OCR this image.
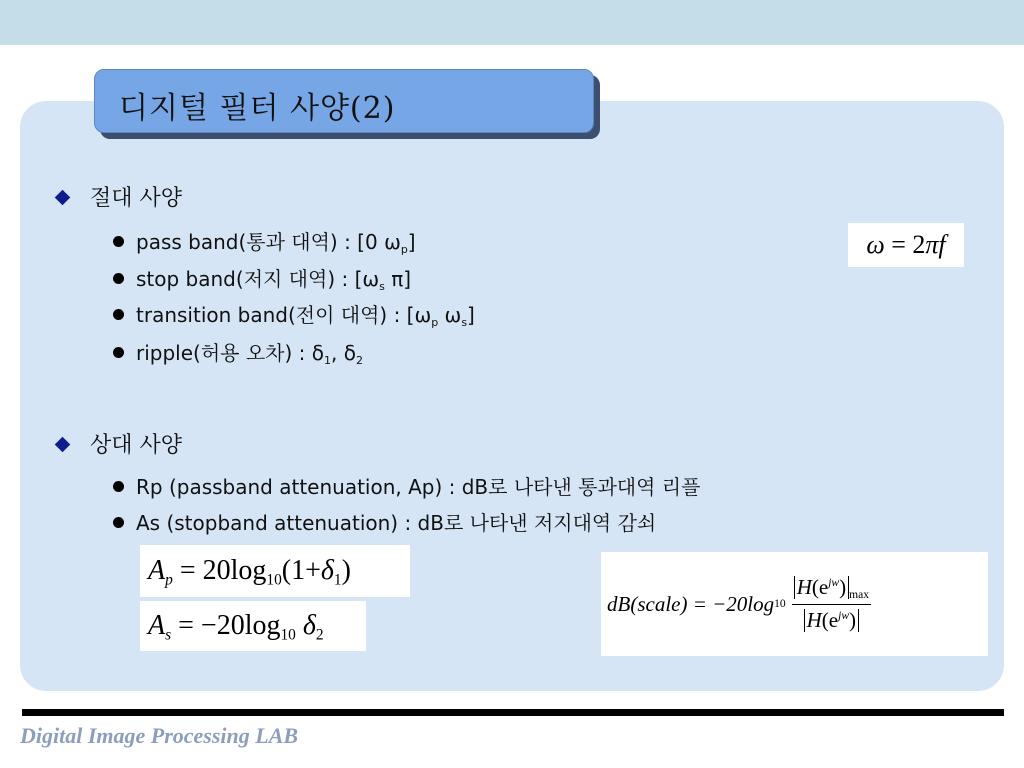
디지털 필터 사양(2)
절대 사양
pass band(통과 대역) : [0 $\omega_p$]
stop band(저지 대역) : [$\omega_s$ π]
transition band(전이 대역) : [$\omega_p$ $\omega_s$]
ripple(허용 오차) : $\delta_1$, $\delta_2$
상대 사양
Rp (passband attenuation, Ap) : dB로 나타낸 통과대역 리플
As (stopband attenuation) : dB로 나타낸 저지대역 감쇠
ω = 2πf
$A_p = 20\log_{10}(1+\delta_1)$
$A_s = -20\log_{10}$ $\delta_2$
dB(scale) = −20log $10 \frac{H(e^{jw}) _{max}}{H(e^{jw})}$
Digital Image Processing LAB
